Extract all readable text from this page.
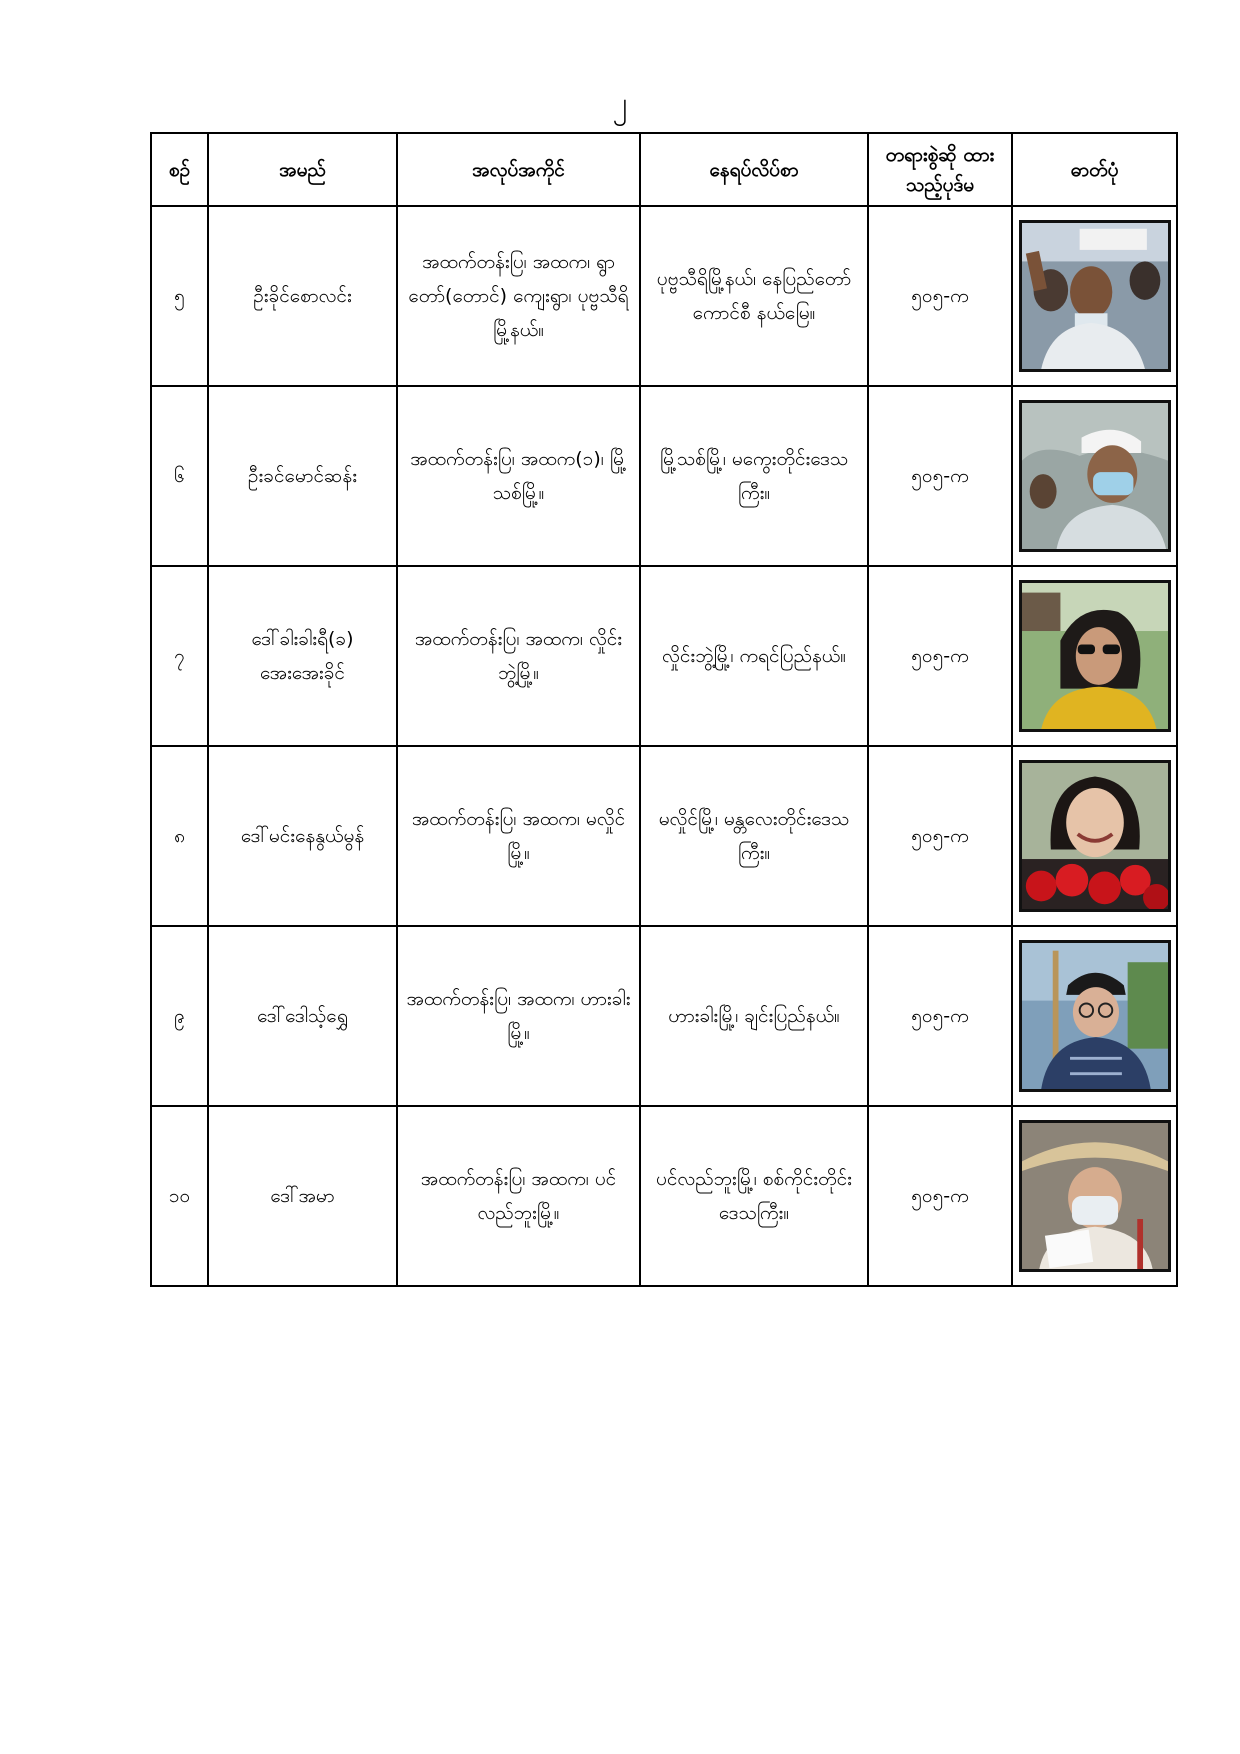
၂
စဉ်	အမည်	အလုပ်အကိုင်	နေရပ်လိပ်စာ	တရားစွဲဆို ထားသည့်ပုဒ်မ	ဓာတ်ပုံ
၅	ဦးခိုင်စောလင်း	အထက်တန်းပြ၊ အထက၊ ရွာတော်(တောင်) ကျေးရွာ၊ ပုဗ္ဗသီရိမြို့နယ်။	ပုဗ္ဗသီရိမြို့နယ်၊ နေပြည်တော်ကောင်စီ နယ်မြေ။	၅၀၅-က	

၆	ဦးခင်မောင်ဆန်း	အထက်တန်းပြ၊ အထက(၁)၊ မြို့သစ်မြို့။	မြို့သစ်မြို့၊ မကွေးတိုင်းဒေသကြီး။	၅၀၅-က	

၇	ဒေါ်ခါးခါးရီ(ခ) အေးအေးခိုင်	အထက်တန်းပြ၊ အထက၊ လှိုင်းဘွဲ့မြို့။	လှိုင်းဘွဲ့မြို့၊ ကရင်ပြည်နယ်။	၅၀၅-က	

၈	ဒေါ်မင်းနေနွယ်မွန်	အထက်တန်းပြ၊ အထက၊ မလှိုင်မြို့။	မလှိုင်မြို့၊ မန္တလေးတိုင်းဒေသကြီး။	၅၀၅-က	

၉	ဒေါ်ဒေါသ့်ရွှေ	အထက်တန်းပြ၊ အထက၊ ဟားခါးမြို့။	ဟားခါးမြို့၊ ချင်းပြည်နယ်။	၅၀၅-က	

၁၀	ဒေါ်အမာ	အထက်တန်းပြ၊ အထက၊ ပင်လည်ဘူးမြို့။	ပင်လည်ဘူးမြို့၊ စစ်ကိုင်းတိုင်းဒေသကြီး။	၅၀၅-က	
